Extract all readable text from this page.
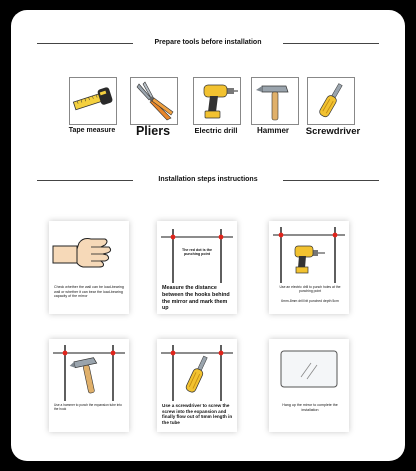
Prepare tools before installation
Tape measure	Pliers	Electric drill	Hammer	Screwdriver
Installation steps instructions
Check whether the wall can be load-bearing wall or whether it can bear the load-bearing capacity of the mirror
The red dot is the punching point
Measure the distance between the hooks behind the mirror and mark them up
Use an electric drill to punch holes at the punching point
6mm-8mm drill bit punched depth 5cm
Use a hammer to punch the expansion tube into the hook
Use a screwdriver to screw the screw into the expansion and finally flow out of 5mm length in the tube
Hang up the mirror to complete the installation
